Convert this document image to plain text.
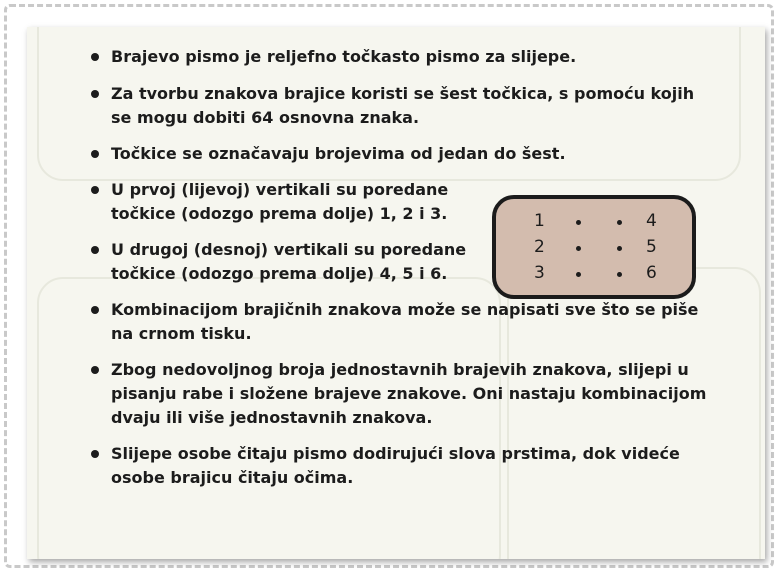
Brajevo pismo je reljefno točkasto pismo za slijepe.
Za tvorbu znakova brajice koristi se šest točkica, s pomoću kojih
se mogu dobiti 64 osnovna znaka.
Točkice se označavaju brojevima od jedan do šest.
U prvoj (lijevoj) vertikali su poredane
točkice (odozgo prema dolje) 1, 2 i 3.
U drugoj (desnoj) vertikali su poredane
točkice (odozgo prema dolje) 4, 5 i 6.
Kombinacijom brajičnih znakova može se napisati sve što se piše
na crnom tisku.
Zbog nedovoljnog broja jednostavnih brajevih znakova, slijepi u
pisanju rabe i složene brajeve znakove. Oni nastaju kombinacijom
dvaju ili više jednostavnih znakova.
Slijepe osobe čitaju pismo dodirujući slova prstima, dok videće
osobe brajicu čitaju očima.
1
2
3
4
5
6
